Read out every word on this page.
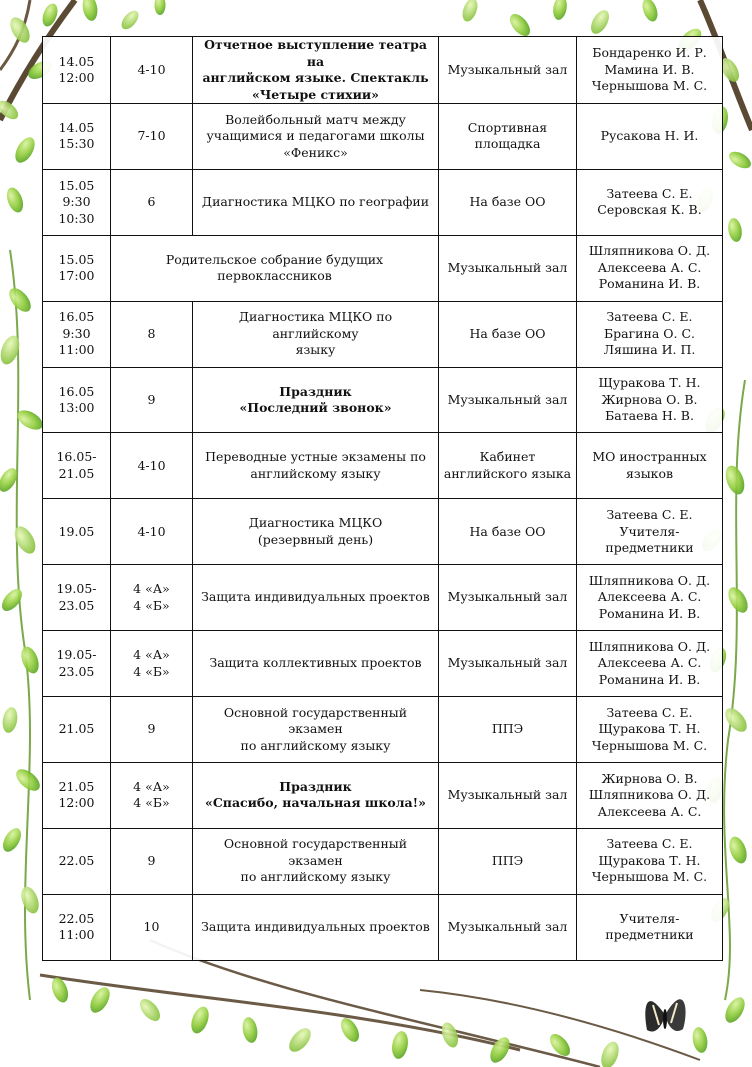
14.05
12:00	4-10	Отчетное выступление театра на
английском языке. Спектакль
«Четыре стихии»	Музыкальный зал	Бондаренко И. Р.
Мамина И. В.
Чернышова М. С.

14.05
15:30	7-10	Волейбольный матч между
учащимися и педагогами школы
«Феникс»	Спортивная
площадка	Русакова Н. И.

15.05
9:30
10:30	6	Диагностика МЦКО по географии	На базе ОО	Затеева С. Е.
Серовская К. В.

15.05
17:00	Родительское собрание будущих
первоклассников		Музыкальный зал	Шляпникова О. Д.
Алексеева А. С.
Романина И. В.

16.05
9:30
11:00	8	Диагностика МЦКО по английскому
языку	На базе ОО	Затеева С. Е.
Брагина О. С.
Ляшина И. П.

16.05
13:00	9	Праздник
«Последний звонок»	Музыкальный зал	Щуракова Т. Н.
Жирнова О. В.
Батаева Н. В.

16.05-
21.05	4-10	Переводные устные экзамены по
английскому языку	Кабинет
английского языка	МО иностранных
языков

19.05	4-10	Диагностика МЦКО
(резервный день)	На базе ОО	Затеева С. Е.
Учителя-
предметники

19.05-
23.05	4 «А»
4 «Б»	Защита индивидуальных проектов	Музыкальный зал	Шляпникова О. Д.
Алексеева А. С.
Романина И. В.

19.05-
23.05	4 «А»
4 «Б»	Защита коллективных проектов	Музыкальный зал	Шляпникова О. Д.
Алексеева А. С.
Романина И. В.

21.05	9	Основной государственный экзамен
по английскому языку	ППЭ	Затеева С. Е.
Щуракова Т. Н.
Чернышова М. С.

21.05
12:00	4 «А»
4 «Б»	Праздник
«Спасибо, начальная школа!»	Музыкальный зал	Жирнова О. В.
Шляпникова О. Д.
Алексеева А. С.

22.05	9	Основной государственный экзамен
по английскому языку	ППЭ	Затеева С. Е.
Щуракова Т. Н.
Чернышова М. С.

22.05
11:00	10	Защита индивидуальных проектов	Музыкальный зал	Учителя-
предметники
